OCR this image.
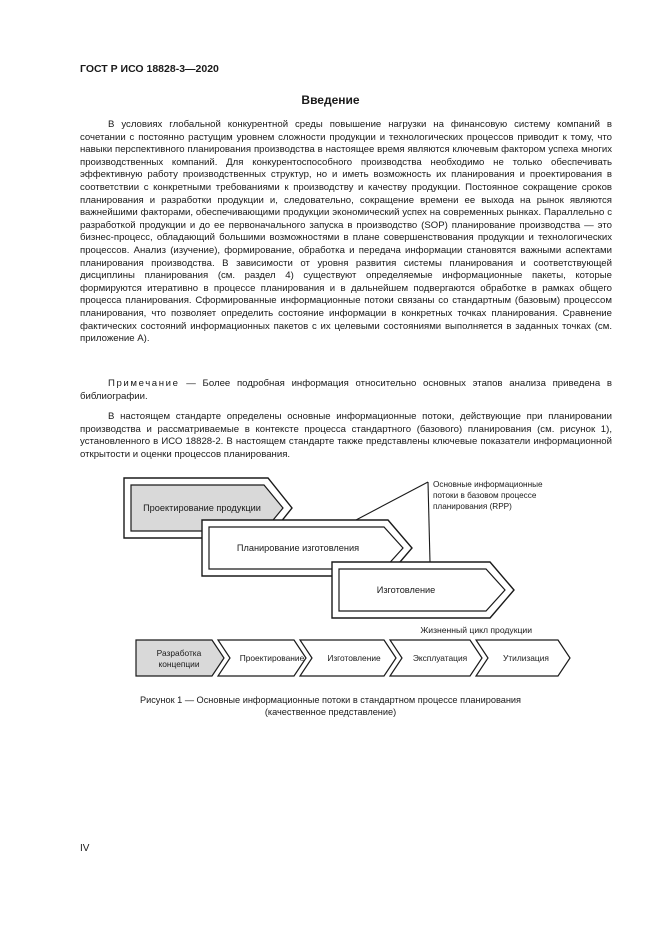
ГОСТ Р ИСО 18828-3—2020
Введение

В условиях глобальной конкурентной среды повышение нагрузки на финансовую систему компаний в сочетании с постоянно растущим уровнем сложности продукции и технологических процессов приводит к тому, что навыки перспективного планирования производства в настоящее время являются ключевым фактором успеха многих производственных компаний. Для конкурентоспособного производства необходимо не только обеспечивать эффективную работу производственных структур, но и иметь возможность их планирования и проектирования в соответствии с конкретными требованиями к производству и качеству продукции. Постоянное сокращение сроков планирования и разработки продукции и, следовательно, сокращение времени ее выхода на рынок являются важнейшими факторами, обеспечивающими продукции экономический успех на современных рынках. Параллельно с разработкой продукции и до ее первоначального запуска в производство (SOP) планирование производства — это бизнес-процесс, обладающий большими возможностями в плане совершенствования продукции и технологических процессов. Анализ (изучение), формирование, обработка и передача информации становятся важными аспектами планирования производства. В зависимости от уровня развития системы планирования и соответствующей дисциплины планирования (см. раздел 4) существуют определяемые информационные пакеты, которые формируются итеративно в процессе планирования и в дальнейшем подвергаются обработке в рамках общего процесса планирования. Сформированные информационные потоки связаны со стандартным (базовым) процессом планирования, что позволяет определить состояние информации в конкретных точках планирования. Сравнение фактических состояний информационных пакетов с их целевыми состояниями выполняется в заданных точках (см. приложение А).

Примечание — Более подробная информация относительно основных этапов анализа приведена в библиографии.

В настоящем стандарте определены основные информационные потоки, действующие при планировании производства и рассматриваемые в контексте процесса стандартного (базового) планирования (см. рисунок 1), установленного в ИСО 18828-2. В настоящем стандарте также представлены ключевые показатели информационной открытости и оценки процессов планирования.

Проектирование продукции
Планирование изготовления
Изготовление
Основные информационные
потоки в базовом процессе
планирования (RPP)
Жизненный цикл продукции
Разработка
концепции
Проектирование	Изготовление	Эксплуатация	Утилизация
Рисунок 1 — Основные информационные потоки в стандартном процессе планирования
(качественное представление)
IV
